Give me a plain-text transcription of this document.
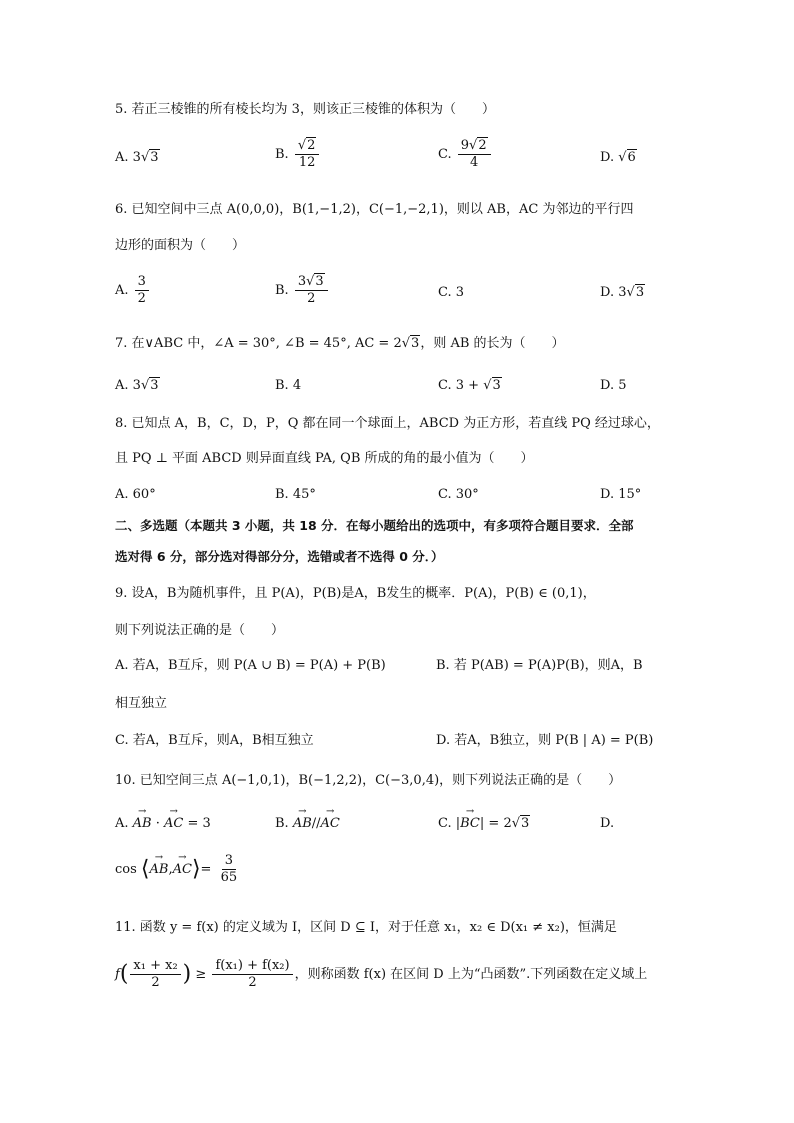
5. 若正三棱锥的所有棱长均为 3，则该正三棱锥的体积为（　　）
A. 3√3	B. $\frac{√2}{12}$	C. $\frac{9√2}{4}$	D. √6
6. 已知空间中三点 A(0,0,0)，B(1,−1,2)，C(−1,−2,1)，则以 AB，AC 为邻边的平行四
边形的面积为（　　）
A. $\frac{3}{2}$	B. $\frac{3√3}{2}$	C. 3	D. 3√3
7. 在∨ABC 中，∠A = 30°, ∠B = 45°, AC = 2√3，则 AB 的长为（　　）
A. 3√3	B. 4	C. 3 + √3	D. 5
8. 已知点 A，B，C，D，P，Q 都在同一个球面上，ABCD 为正方形，若直线 PQ 经过球心，
且 PQ ⊥ 平面 ABCD 则异面直线 PA, QB 所成的角的最小值为（　　）
A. 60°	B. 45°	C. 30°	D. 15°
二、多选题（本题共 3 小题，共 18 分．在每小题给出的选项中，有多项符合题目要求．全部
选对得 6 分，部分选对得部分分，选错或者不选得 0 分．）
9. 设A，B为随机事件，且 P(A)，P(B)是A，B发生的概率．P(A)，P(B) ∈ (0,1)，
则下列说法正确的是（　　）
A. 若A，B互斥，则 P(A ∪ B) = P(A) + P(B)	B. 若 P(AB) = P(A)P(B)，则A，B
相互独立
C. 若A，B互斥，则A，B相互独立	D. 若A，B独立，则 P(B | A) = P(B)
10. 已知空间三点 A(−1,0,1)，B(−1,2,2)，C(−3,0,4)，则下列说法正确的是（　　）
A. → AB · → AC = 3	B. → AB//→ AC	C. |→ BC| = 2√3	D.
cos ⟨→ AB,→ AC⟩= $\frac{3}{65}$
11. 函数 y = f(x) 的定义域为 I，区间 D ⊆ I，对于任意 x₁，x₂ ∈ D(x₁ ≠ x₂)，恒满足
$f( \frac{\text{x₁ + x₂}}{2}$ ) ≥ $\frac{\text{f(x₁) + f(x₂)}}{2}$ ，则称函数 f(x) 在区间 D 上为“凸函数”.下列函数在定义域上
